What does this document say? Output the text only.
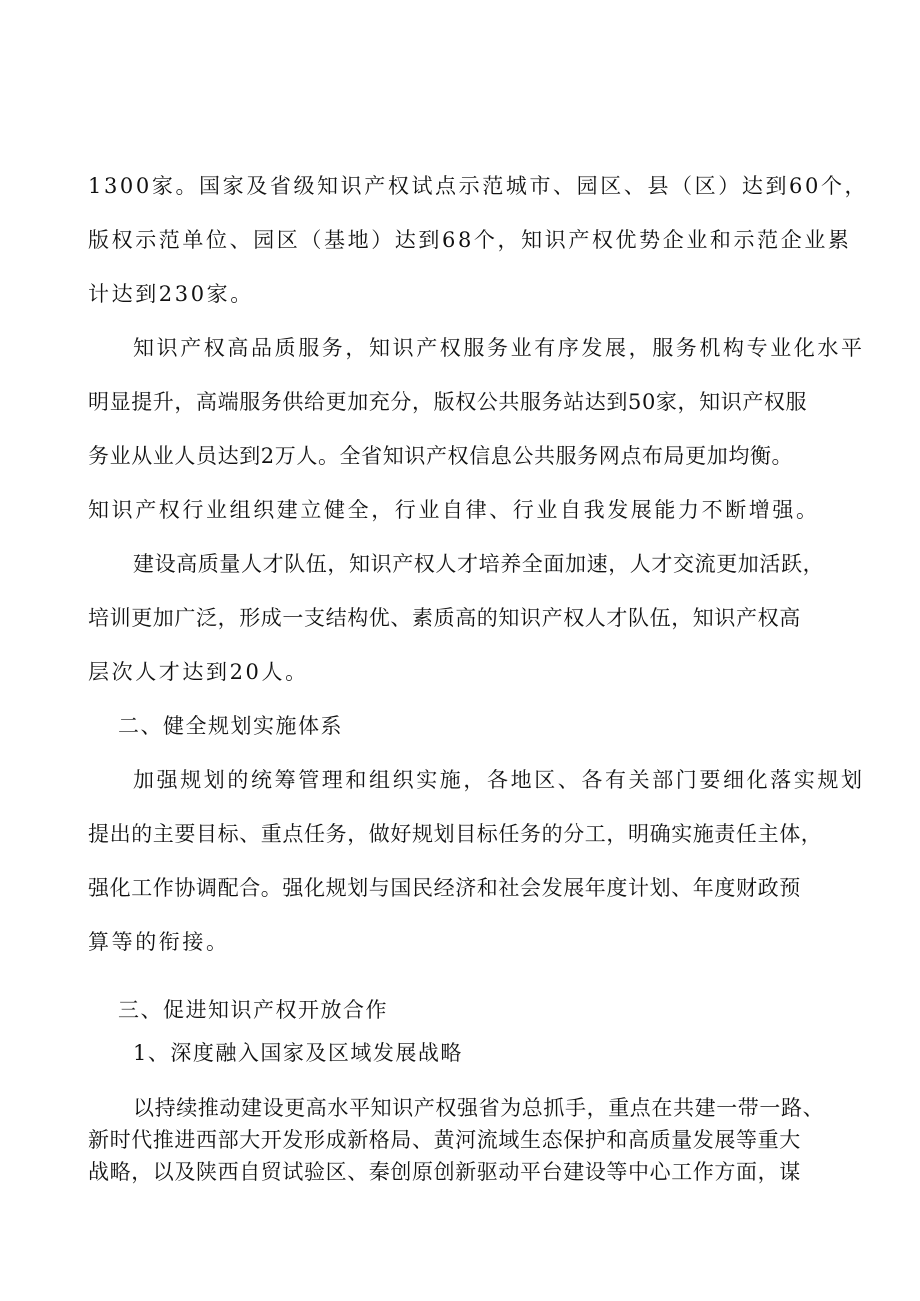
1300家。国家及省级知识产权试点示范城市、园区、县（区）达到60个，
版权示范单位、园区（基地）达到68个，知识产权优势企业和示范企业累
计达到230家。
知识产权高品质服务，知识产权服务业有序发展，服务机构专业化水平
明显提升，高端服务供给更加充分，版权公共服务站达到50家，知识产权服
务业从业人员达到2万人。全省知识产权信息公共服务网点布局更加均衡。
知识产权行业组织建立健全，行业自律、行业自我发展能力不断增强。
建设高质量人才队伍，知识产权人才培养全面加速，人才交流更加活跃，
培训更加广泛，形成一支结构优、素质高的知识产权人才队伍，知识产权高
层次人才达到20人。
二、健全规划实施体系
加强规划的统筹管理和组织实施，各地区、各有关部门要细化落实规划
提出的主要目标、重点任务，做好规划目标任务的分工，明确实施责任主体，
强化工作协调配合。强化规划与国民经济和社会发展年度计划、年度财政预
算等的衔接。
三、促进知识产权开放合作
1、深度融入国家及区域发展战略
以持续推动建设更高水平知识产权强省为总抓手，重点在共建一带一路、
新时代推进西部大开发形成新格局、黄河流域生态保护和高质量发展等重大
战略，以及陕西自贸试验区、秦创原创新驱动平台建设等中心工作方面，谋
